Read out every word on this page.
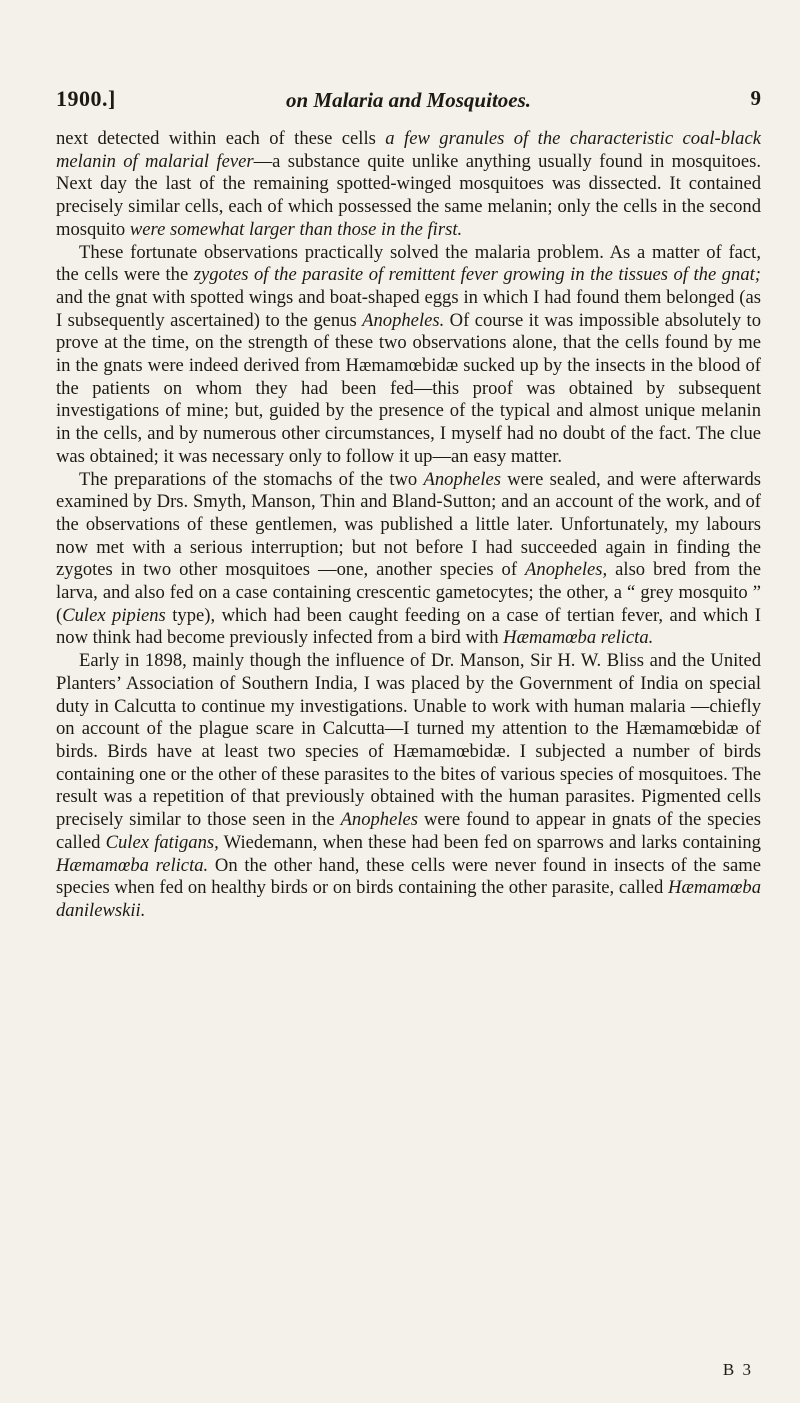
1900.]	on Malaria and Mosquitoes.	9

next detected within each of these cells a few granules of the characteristic coal-black melanin of malarial fever—a substance quite unlike anything usually found in mosquitoes. Next day the last of the remaining spotted-winged mosquitoes was dissected. It contained precisely similar cells, each of which possessed the same melanin; only the cells in the second mosquito were somewhat larger than those in the first.

These fortunate observations practically solved the malaria problem. As a matter of fact, the cells were the zygotes of the parasite of remittent fever growing in the tissues of the gnat; and the gnat with spotted wings and boat-shaped eggs in which I had found them belonged (as I subsequently ascertained) to the genus Anopheles. Of course it was impossible absolutely to prove at the time, on the strength of these two observations alone, that the cells found by me in the gnats were indeed derived from Hæmamœbidæ sucked up by the insects in the blood of the patients on whom they had been fed—this proof was obtained by subsequent investigations of mine; but, guided by the presence of the typical and almost unique melanin in the cells, and by numerous other circumstances, I myself had no doubt of the fact. The clue was obtained; it was necessary only to follow it up—an easy matter.

The preparations of the stomachs of the two Anopheles were sealed, and were afterwards examined by Drs. Smyth, Manson, Thin and Bland-Sutton; and an account of the work, and of the observations of these gentlemen, was published a little later. Unfortunately, my labours now met with a serious interruption; but not before I had succeeded again in finding the zygotes in two other mosquitoes —one, another species of Anopheles, also bred from the larva, and also fed on a case containing crescentic gametocytes; the other, a “ grey mosquito ” (Culex pipiens type), which had been caught feeding on a case of tertian fever, and which I now think had become previously infected from a bird with Hæmamœba relicta.

Early in 1898, mainly though the influence of Dr. Manson, Sir H. W. Bliss and the United Planters’ Association of Southern India, I was placed by the Government of India on special duty in Calcutta to continue my investigations. Unable to work with human malaria —chiefly on account of the plague scare in Calcutta—I turned my attention to the Hæmamœbidæ of birds. Birds have at least two species of Hæmamœbidæ. I subjected a number of birds containing one or the other of these parasites to the bites of various species of mosquitoes. The result was a repetition of that previously obtained with the human parasites. Pigmented cells precisely similar to those seen in the Anopheles were found to appear in gnats of the species called Culex fatigans, Wiedemann, when these had been fed on sparrows and larks containing Hæmamœba relicta. On the other hand, these cells were never found in insects of the same species when fed on healthy birds or on birds containing the other parasite, called Hæmamœba danilewskii.

B 3
